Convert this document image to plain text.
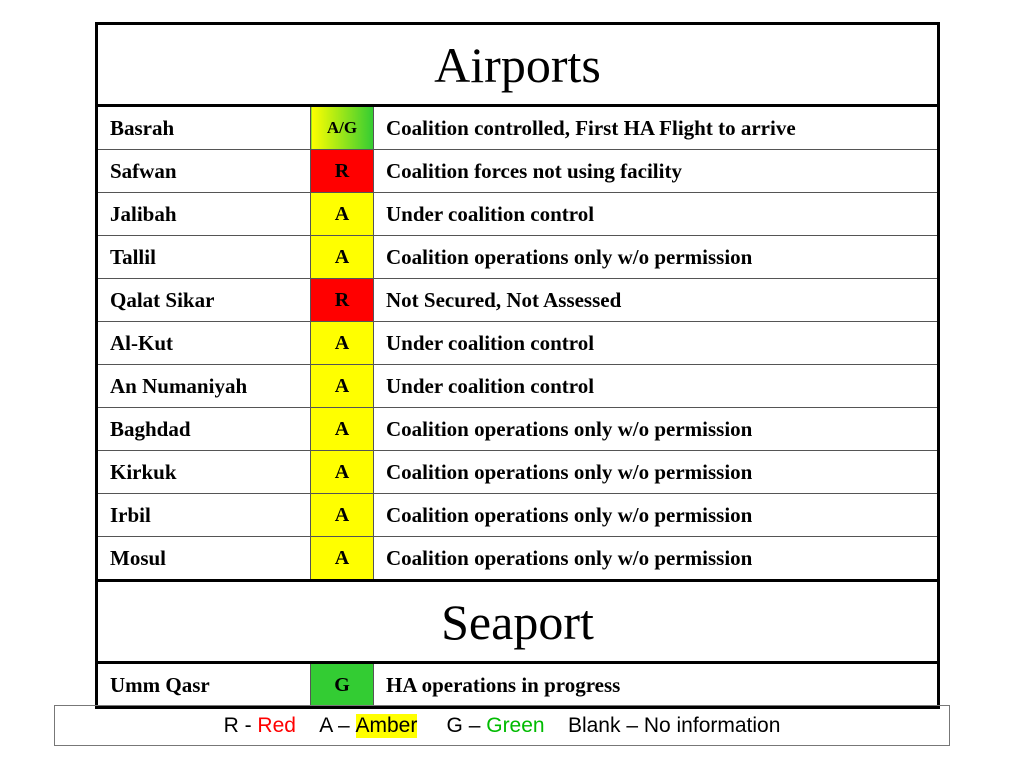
Airports		
Basrah	A/G	Coalition controlled, First HA Flight to arrive
Safwan	R	Coalition forces not using facility
Jalibah	A	Under coalition control
Tallil	A	Coalition operations only w/o permission
Qalat Sikar	R	Not Secured, Not Assessed
Al-Kut	A	Under coalition control
An Numaniyah	A	Under coalition control
Baghdad	A	Coalition operations only w/o permission
Kirkuk	A	Coalition operations only w/o permission
Irbil	A	Coalition operations only w/o permission
Mosul	A	Coalition operations only w/o permission
Seaport		
Umm Qasr	G	HA operations in progress
R - Red
A – Amber
G – Green
Blank – No information
